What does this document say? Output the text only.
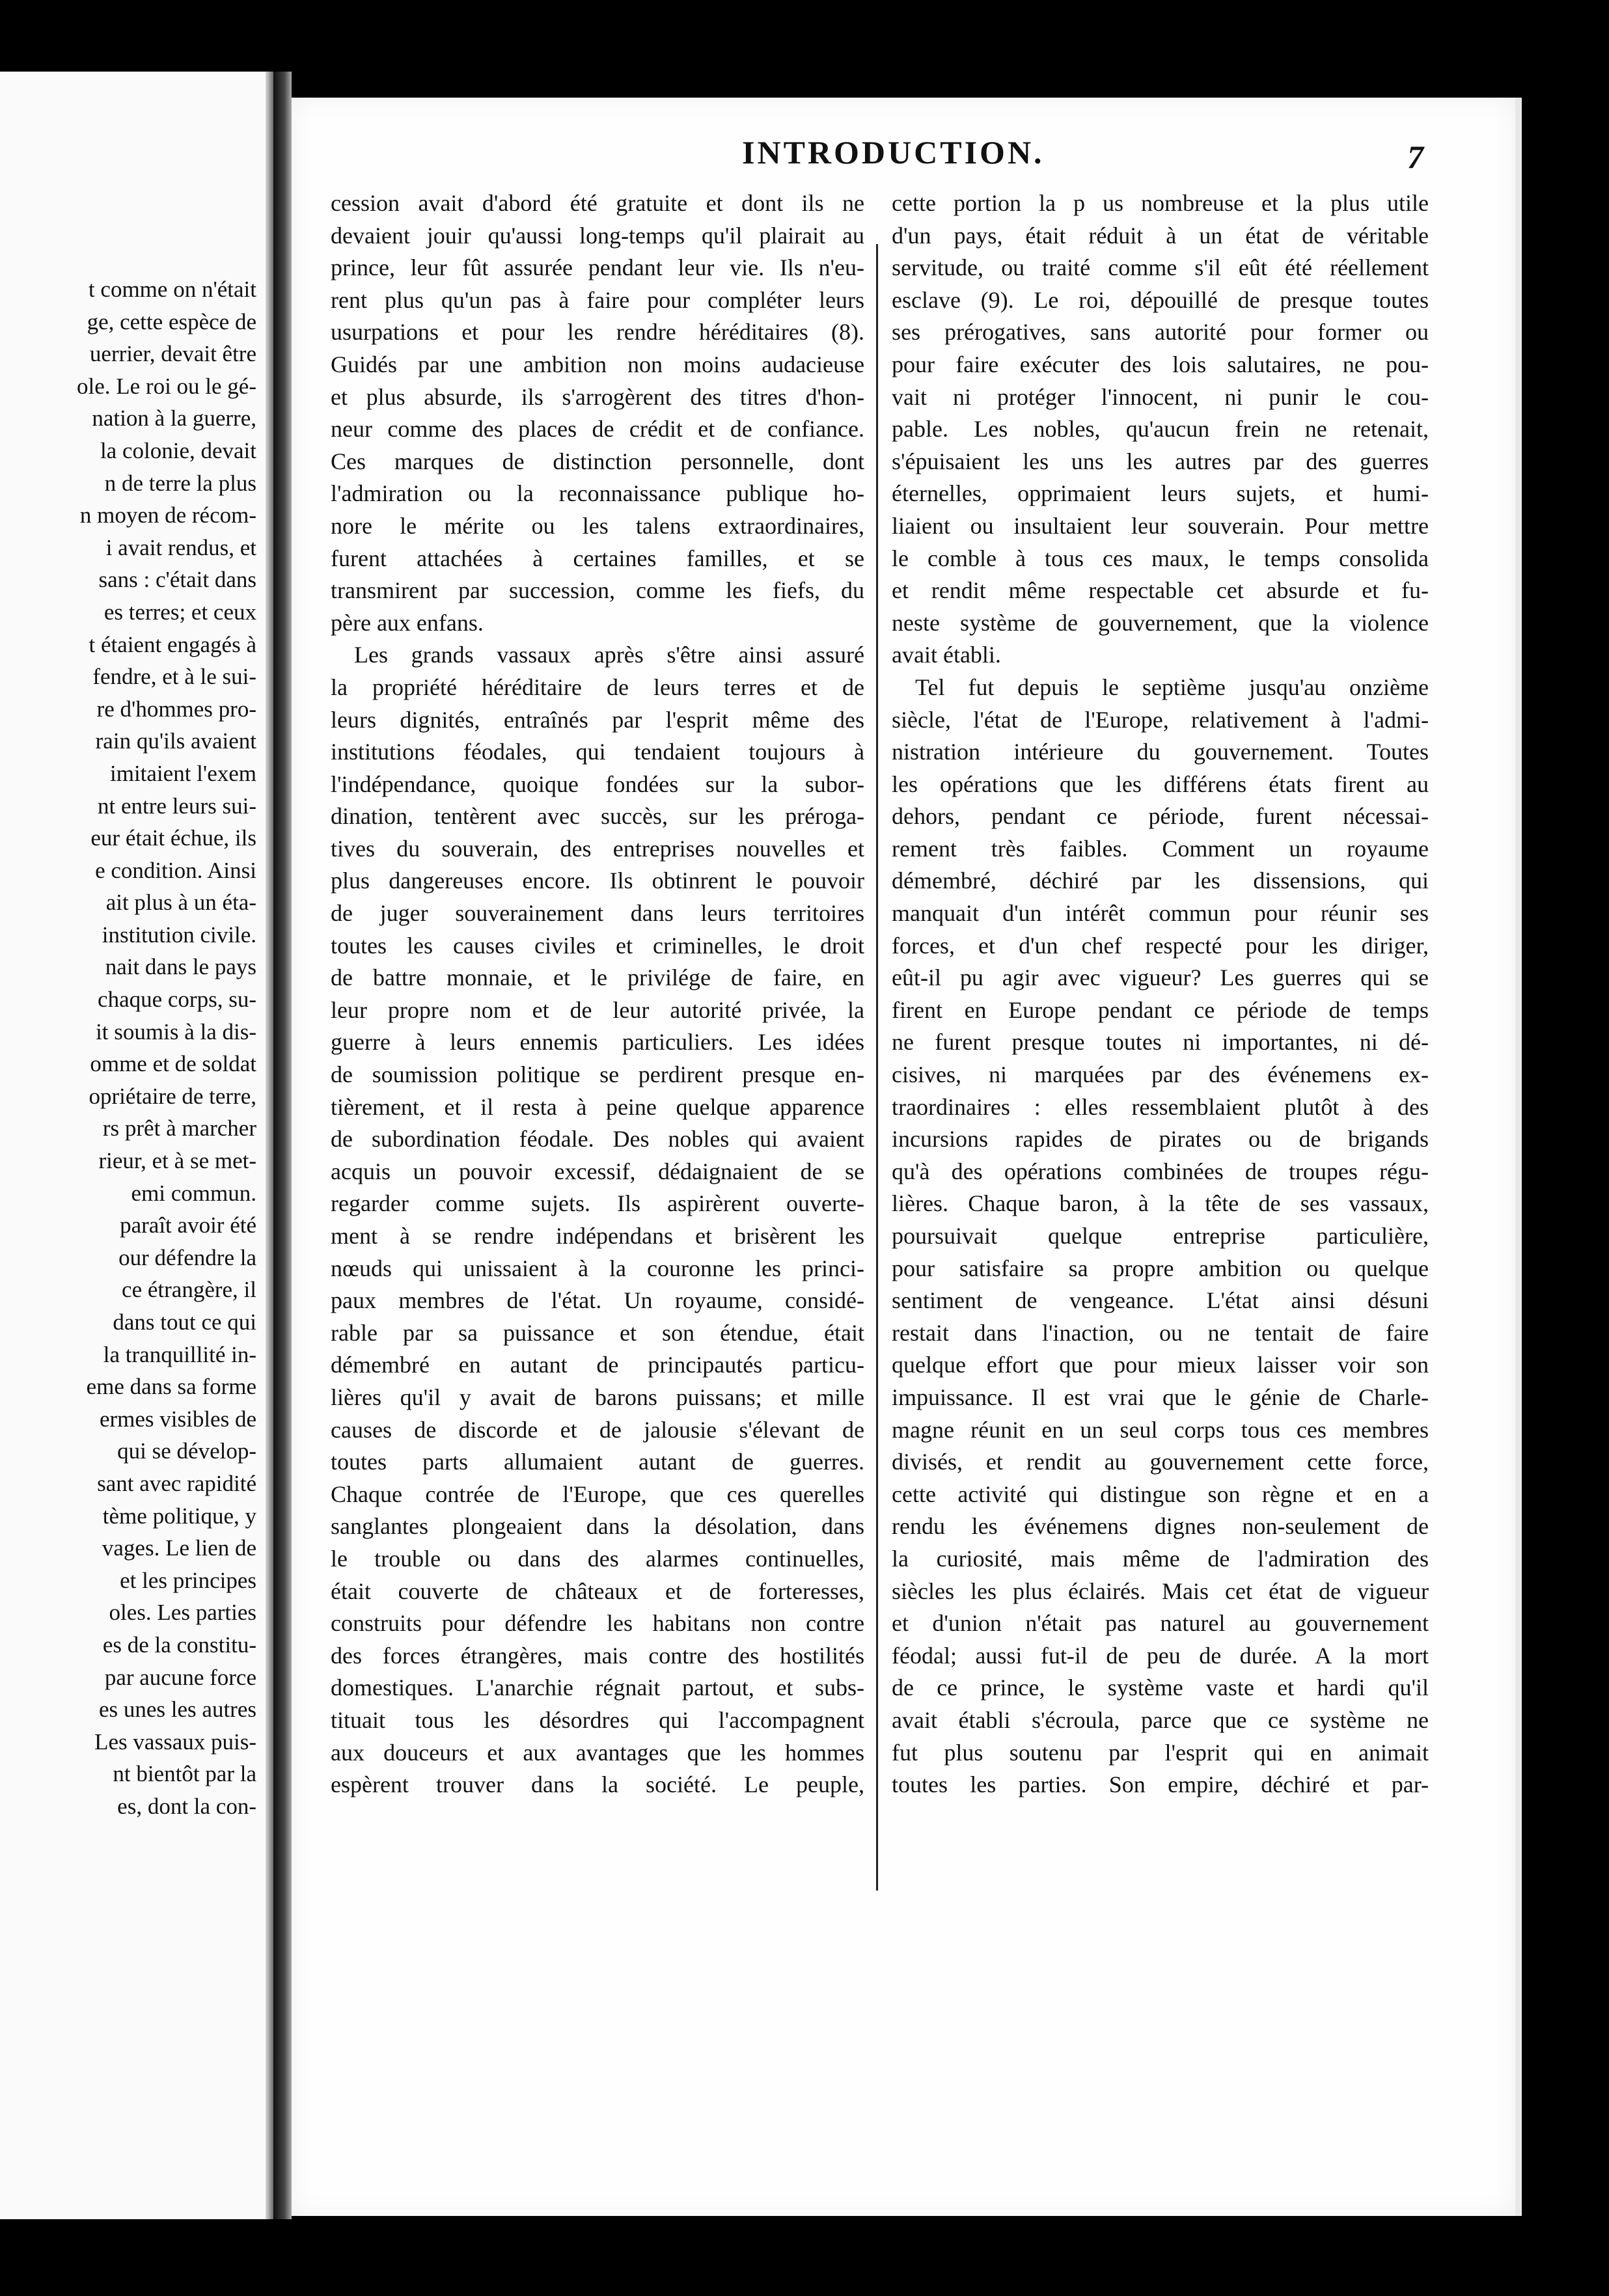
t comme on n'était
ge, cette espèce de
uerrier, devait être
ole. Le roi ou le gé-
nation à la guerre,
la colonie, devait
n de terre la plus
n moyen de récom-
i avait rendus, et
sans : c'était dans
es terres; et ceux
t étaient engagés à
fendre, et à le sui-
re d'hommes pro-
rain qu'ils avaient
imitaient l'exem
nt entre leurs sui-
eur était échue, ils
e condition. Ainsi
ait plus à un éta-
institution civile.
nait dans le pays
chaque corps, su-
it soumis à la dis-
omme et de soldat
opriétaire de terre,
rs prêt à marcher
rieur, et à se met-
emi commun.
paraît avoir été
our défendre la
ce étrangère, il
dans tout ce qui
la tranquillité in-
eme dans sa forme
ermes visibles de
qui se dévelop-
sant avec rapidité
tème politique, y
vages. Le lien de
et les principes
oles. Les parties
es de la constitu-
par aucune force
es unes les autres
Les vassaux puis-
nt bientôt par la
es, dont la con-
INTRODUCTION.	7
cession avait d'abord été gratuite et dont ils ne
devaient jouir qu'aussi long-temps qu'il plairait au
prince, leur fût assurée pendant leur vie. Ils n'eu-
rent plus qu'un pas à faire pour compléter leurs
usurpations et pour les rendre héréditaires (8).
Guidés par une ambition non moins audacieuse
et plus absurde, ils s'arrogèrent des titres d'hon-
neur comme des places de crédit et de confiance.
Ces marques de distinction personnelle, dont
l'admiration ou la reconnaissance publique ho-
nore le mérite ou les talens extraordinaires,
furent attachées à certaines familles, et se
transmirent par succession, comme les fiefs, du
père aux enfans.
Les grands vassaux après s'être ainsi assuré
la propriété héréditaire de leurs terres et de
leurs dignités, entraînés par l'esprit même des
institutions féodales, qui tendaient toujours à
l'indépendance, quoique fondées sur la subor-
dination, tentèrent avec succès, sur les préroga-
tives du souverain, des entreprises nouvelles et
plus dangereuses encore. Ils obtinrent le pouvoir
de juger souverainement dans leurs territoires
toutes les causes civiles et criminelles, le droit
de battre monnaie, et le privilége de faire, en
leur propre nom et de leur autorité privée, la
guerre à leurs ennemis particuliers. Les idées
de soumission politique se perdirent presque en-
tièrement, et il resta à peine quelque apparence
de subordination féodale. Des nobles qui avaient
acquis un pouvoir excessif, dédaignaient de se
regarder comme sujets. Ils aspirèrent ouverte-
ment à se rendre indépendans et brisèrent les
nœuds qui unissaient à la couronne les princi-
paux membres de l'état. Un royaume, considé-
rable par sa puissance et son étendue, était
démembré en autant de principautés particu-
lières qu'il y avait de barons puissans; et mille
causes de discorde et de jalousie s'élevant de
toutes parts allumaient autant de guerres.
Chaque contrée de l'Europe, que ces querelles
sanglantes plongeaient dans la désolation, dans
le trouble ou dans des alarmes continuelles,
était couverte de châteaux et de forteresses,
construits pour défendre les habitans non contre
des forces étrangères, mais contre des hostilités
domestiques. L'anarchie régnait partout, et subs-
tituait tous les désordres qui l'accompagnent
aux douceurs et aux avantages que les hommes
espèrent trouver dans la société. Le peuple,
cette portion la p us nombreuse et la plus utile
d'un pays, était réduit à un état de véritable
servitude, ou traité comme s'il eût été réellement
esclave (9). Le roi, dépouillé de presque toutes
ses prérogatives, sans autorité pour former ou
pour faire exécuter des lois salutaires, ne pou-
vait ni protéger l'innocent, ni punir le cou-
pable. Les nobles, qu'aucun frein ne retenait,
s'épuisaient les uns les autres par des guerres
éternelles, opprimaient leurs sujets, et humi-
liaient ou insultaient leur souverain. Pour mettre
le comble à tous ces maux, le temps consolida
et rendit même respectable cet absurde et fu-
neste système de gouvernement, que la violence
avait établi.
Tel fut depuis le septième jusqu'au onzième
siècle, l'état de l'Europe, relativement à l'admi-
nistration intérieure du gouvernement. Toutes
les opérations que les différens états firent au
dehors, pendant ce période, furent nécessai-
rement très faibles. Comment un royaume
démembré, déchiré par les dissensions, qui
manquait d'un intérêt commun pour réunir ses
forces, et d'un chef respecté pour les diriger,
eût-il pu agir avec vigueur? Les guerres qui se
firent en Europe pendant ce période de temps
ne furent presque toutes ni importantes, ni dé-
cisives, ni marquées par des événemens ex-
traordinaires : elles ressemblaient plutôt à des
incursions rapides de pirates ou de brigands
qu'à des opérations combinées de troupes régu-
lières. Chaque baron, à la tête de ses vassaux,
poursuivait quelque entreprise particulière,
pour satisfaire sa propre ambition ou quelque
sentiment de vengeance. L'état ainsi désuni
restait dans l'inaction, ou ne tentait de faire
quelque effort que pour mieux laisser voir son
impuissance. Il est vrai que le génie de Charle-
magne réunit en un seul corps tous ces membres
divisés, et rendit au gouvernement cette force,
cette activité qui distingue son règne et en a
rendu les événemens dignes non-seulement de
la curiosité, mais même de l'admiration des
siècles les plus éclairés. Mais cet état de vigueur
et d'union n'était pas naturel au gouvernement
féodal; aussi fut-il de peu de durée. A la mort
de ce prince, le système vaste et hardi qu'il
avait établi s'écroula, parce que ce système ne
fut plus soutenu par l'esprit qui en animait
toutes les parties. Son empire, déchiré et par-
